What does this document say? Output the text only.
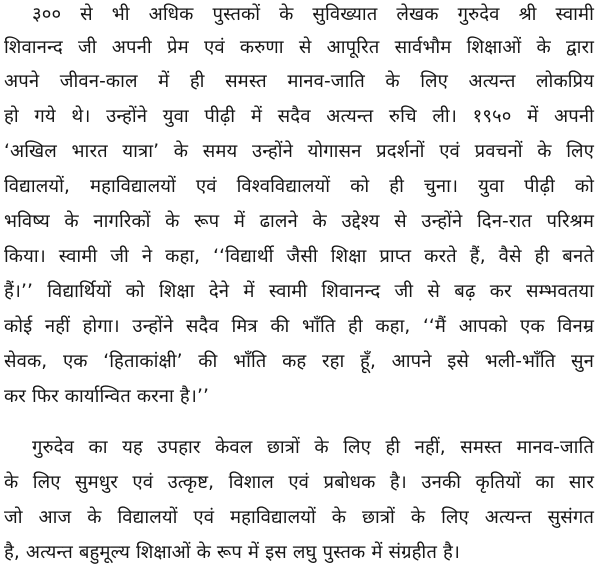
३०० से भी अधिक पुस्तकों के सुविख्यात लेखक गुरुदेव श्री स्वामी
शिवानन्द जी अपनी प्रेम एवं करुणा से आपूरित सार्वभौम शिक्षाओं के द्वारा
अपने जीवन-काल में ही समस्त मानव-जाति के लिए अत्यन्त लोकप्रिय
हो गये थे। उन्होंने युवा पीढ़ी में सदैव अत्यन्त रुचि ली। १९५० में अपनी
‘अखिल भारत यात्रा’ के समय उन्होंने योगासन प्रदर्शनों एवं प्रवचनों के लिए
विद्यालयों, महाविद्यालयों एवं विश्वविद्यालयों को ही चुना। युवा पीढ़ी को
भविष्य के नागरिकों के रूप में ढालने के उद्देश्य से उन्होंने दिन-रात परिश्रम
किया। स्वामी जी ने कहा, ‘‘विद्यार्थी जैसी शिक्षा प्राप्त करते हैं, वैसे ही बनते
हैं।’’ विद्यार्थियों को शिक्षा देने में स्वामी शिवानन्द जी से बढ़ कर सम्भवतया
कोई नहीं होगा। उन्होंने सदैव मित्र की भाँति ही कहा, ‘‘मैं आपको एक विनम्र
सेवक, एक ‘हिताकांक्षी’ की भाँति कह रहा हूँ, आपने इसे भली-भाँति सुन
कर फिर कार्यान्वित करना है।’’
गुरुदेव का यह उपहार केवल छात्रों के लिए ही नहीं, समस्त मानव-जाति
के लिए सुमधुर एवं उत्कृष्ट, विशाल एवं प्रबोधक है। उनकी कृतियों का सार
जो आज के विद्यालयों एवं महाविद्यालयों के छात्रों के लिए अत्यन्त सुसंगत
है, अत्यन्त बहुमूल्य शिक्षाओं के रूप में इस लघु पुस्तक में संग्रहीत है।
